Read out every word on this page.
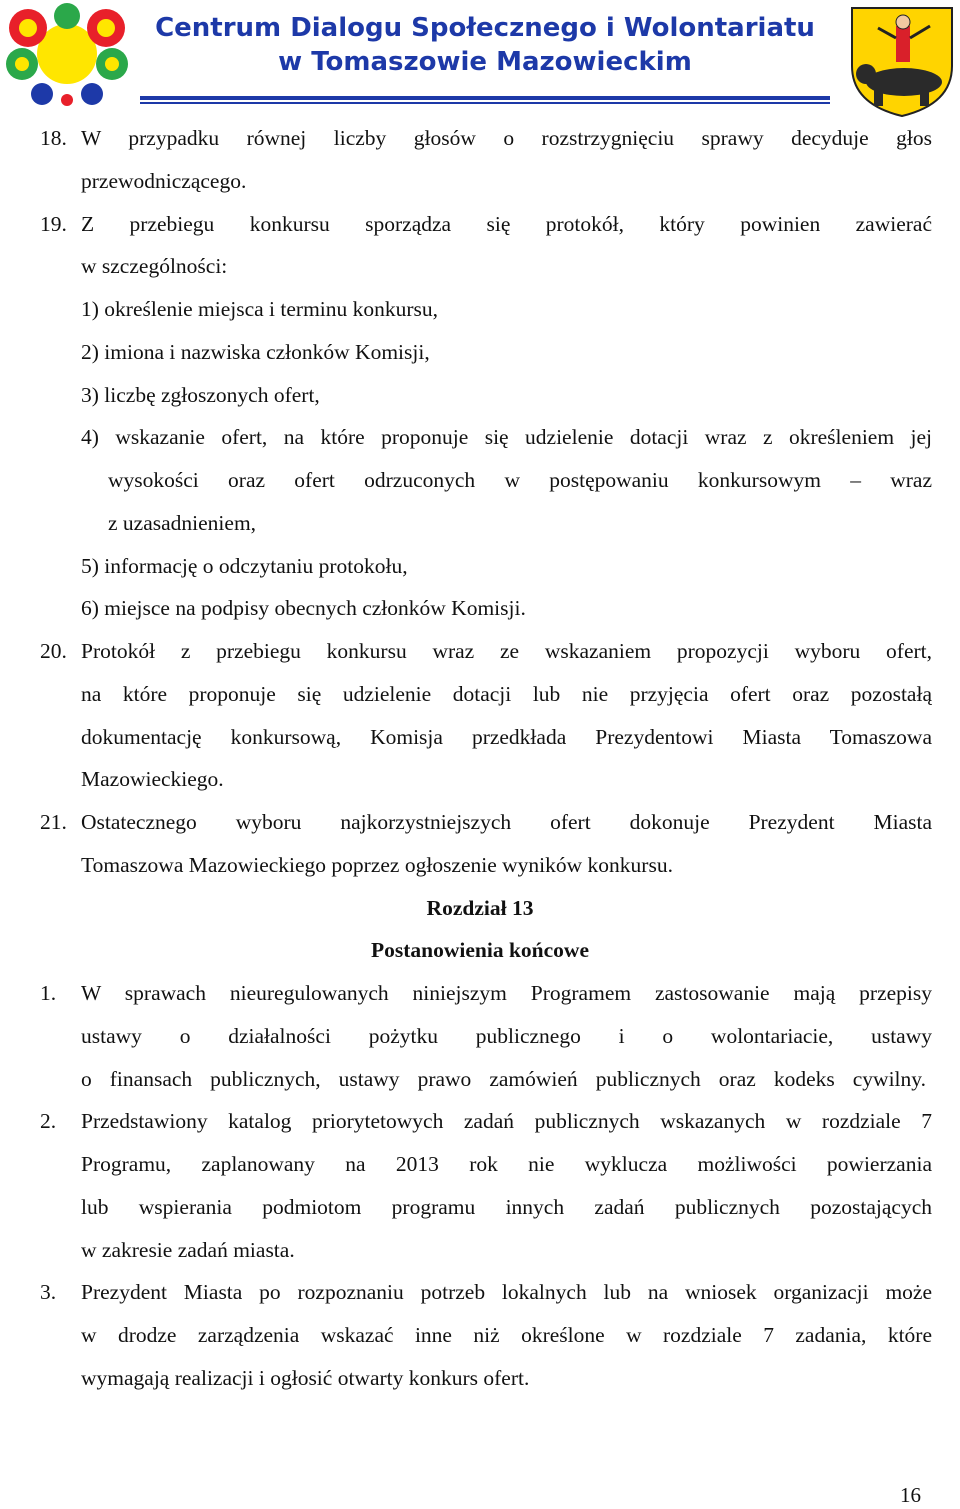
Centrum Dialogu Społecznego i Wolontariatu
w Tomaszowie Mazowieckim
18. W przypadku równej liczby głosów o rozstrzygnięciu sprawy decyduje głos
przewodniczącego.
19. Z przebiegu konkursu sporządza się protokół, który powinien zawierać
w szczególności:
1) określenie miejsca i terminu konkursu,
2) imiona i nazwiska członków Komisji,
3) liczbę zgłoszonych ofert,
4) wskazanie ofert, na które proponuje się udzielenie dotacji wraz z określeniem jej
wysokości oraz ofert odrzuconych w postępowaniu konkursowym – wraz
z uzasadnieniem,
5) informację o odczytaniu protokołu,
6) miejsce na podpisy obecnych członków Komisji.
20. Protokół z przebiegu konkursu wraz ze wskazaniem propozycji wyboru ofert,
na które proponuje się udzielenie dotacji lub nie przyjęcia ofert oraz pozostałą
dokumentację konkursową, Komisja przedkłada Prezydentowi Miasta Tomaszowa
Mazowieckiego.
21. Ostatecznego wyboru najkorzystniejszych ofert dokonuje Prezydent Miasta
Tomaszowa Mazowieckiego poprzez ogłoszenie wyników konkursu.
Rozdział 13
Postanowienia końcowe
1. W sprawach nieuregulowanych niniejszym Programem zastosowanie mają przepisy
ustawy o działalności pożytku publicznego i o wolontariacie, ustawy
o finansach publicznych, ustawy prawo zamówień publicznych oraz kodeks cywilny.
2. Przedstawiony katalog priorytetowych zadań publicznych wskazanych w rozdziale 7
Programu, zaplanowany na 2013 rok nie wyklucza możliwości powierzania
lub wspierania podmiotom programu innych zadań publicznych pozostających
w zakresie zadań miasta.
3. Prezydent Miasta po rozpoznaniu potrzeb lokalnych lub na wniosek organizacji może
w drodze zarządzenia wskazać inne niż określone w rozdziale 7 zadania, które
wymagają realizacji i ogłosić otwarty konkurs ofert.
16
